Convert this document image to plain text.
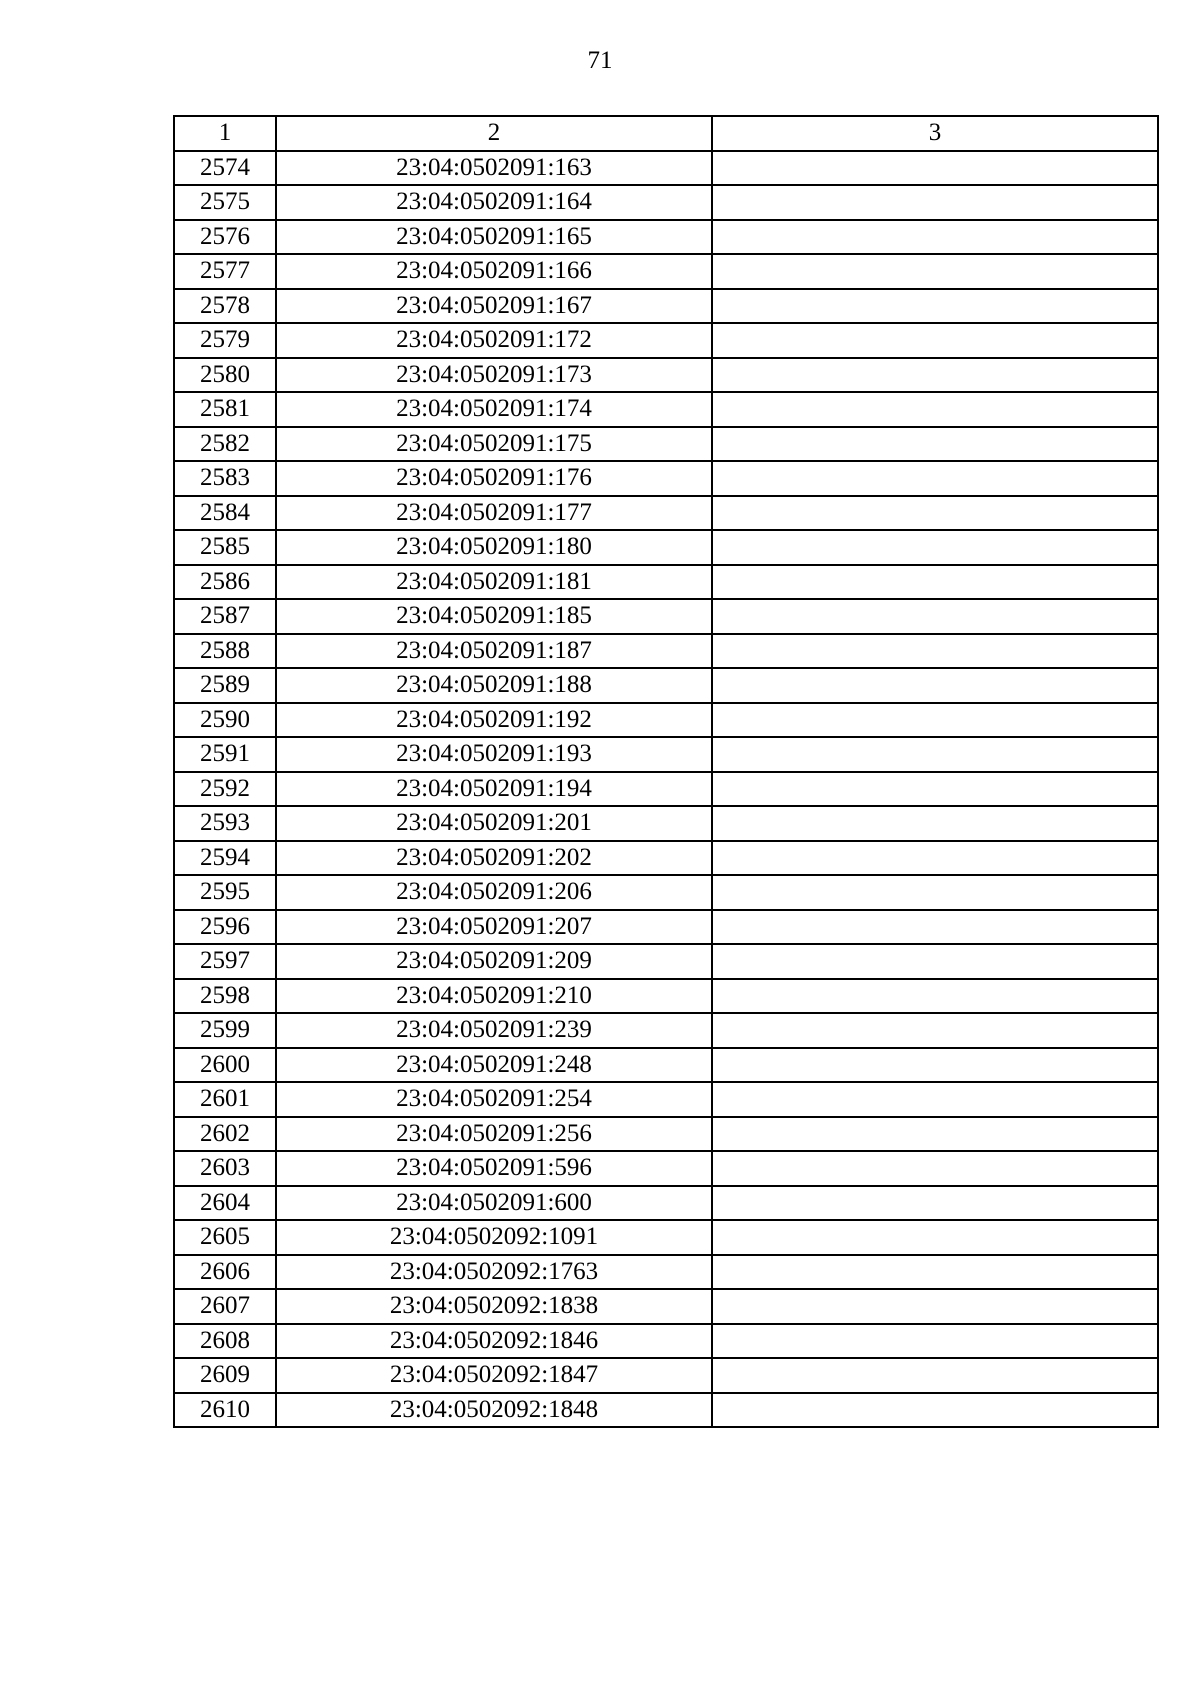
71
1	2	3
2574	23:04:0502091:163	
2575	23:04:0502091:164	
2576	23:04:0502091:165	
2577	23:04:0502091:166	
2578	23:04:0502091:167	
2579	23:04:0502091:172	
2580	23:04:0502091:173	
2581	23:04:0502091:174	
2582	23:04:0502091:175	
2583	23:04:0502091:176	
2584	23:04:0502091:177	
2585	23:04:0502091:180	
2586	23:04:0502091:181	
2587	23:04:0502091:185	
2588	23:04:0502091:187	
2589	23:04:0502091:188	
2590	23:04:0502091:192	
2591	23:04:0502091:193	
2592	23:04:0502091:194	
2593	23:04:0502091:201	
2594	23:04:0502091:202	
2595	23:04:0502091:206	
2596	23:04:0502091:207	
2597	23:04:0502091:209	
2598	23:04:0502091:210	
2599	23:04:0502091:239	
2600	23:04:0502091:248	
2601	23:04:0502091:254	
2602	23:04:0502091:256	
2603	23:04:0502091:596	
2604	23:04:0502091:600	
2605	23:04:0502092:1091	
2606	23:04:0502092:1763	
2607	23:04:0502092:1838	
2608	23:04:0502092:1846	
2609	23:04:0502092:1847	
2610	23:04:0502092:1848	
